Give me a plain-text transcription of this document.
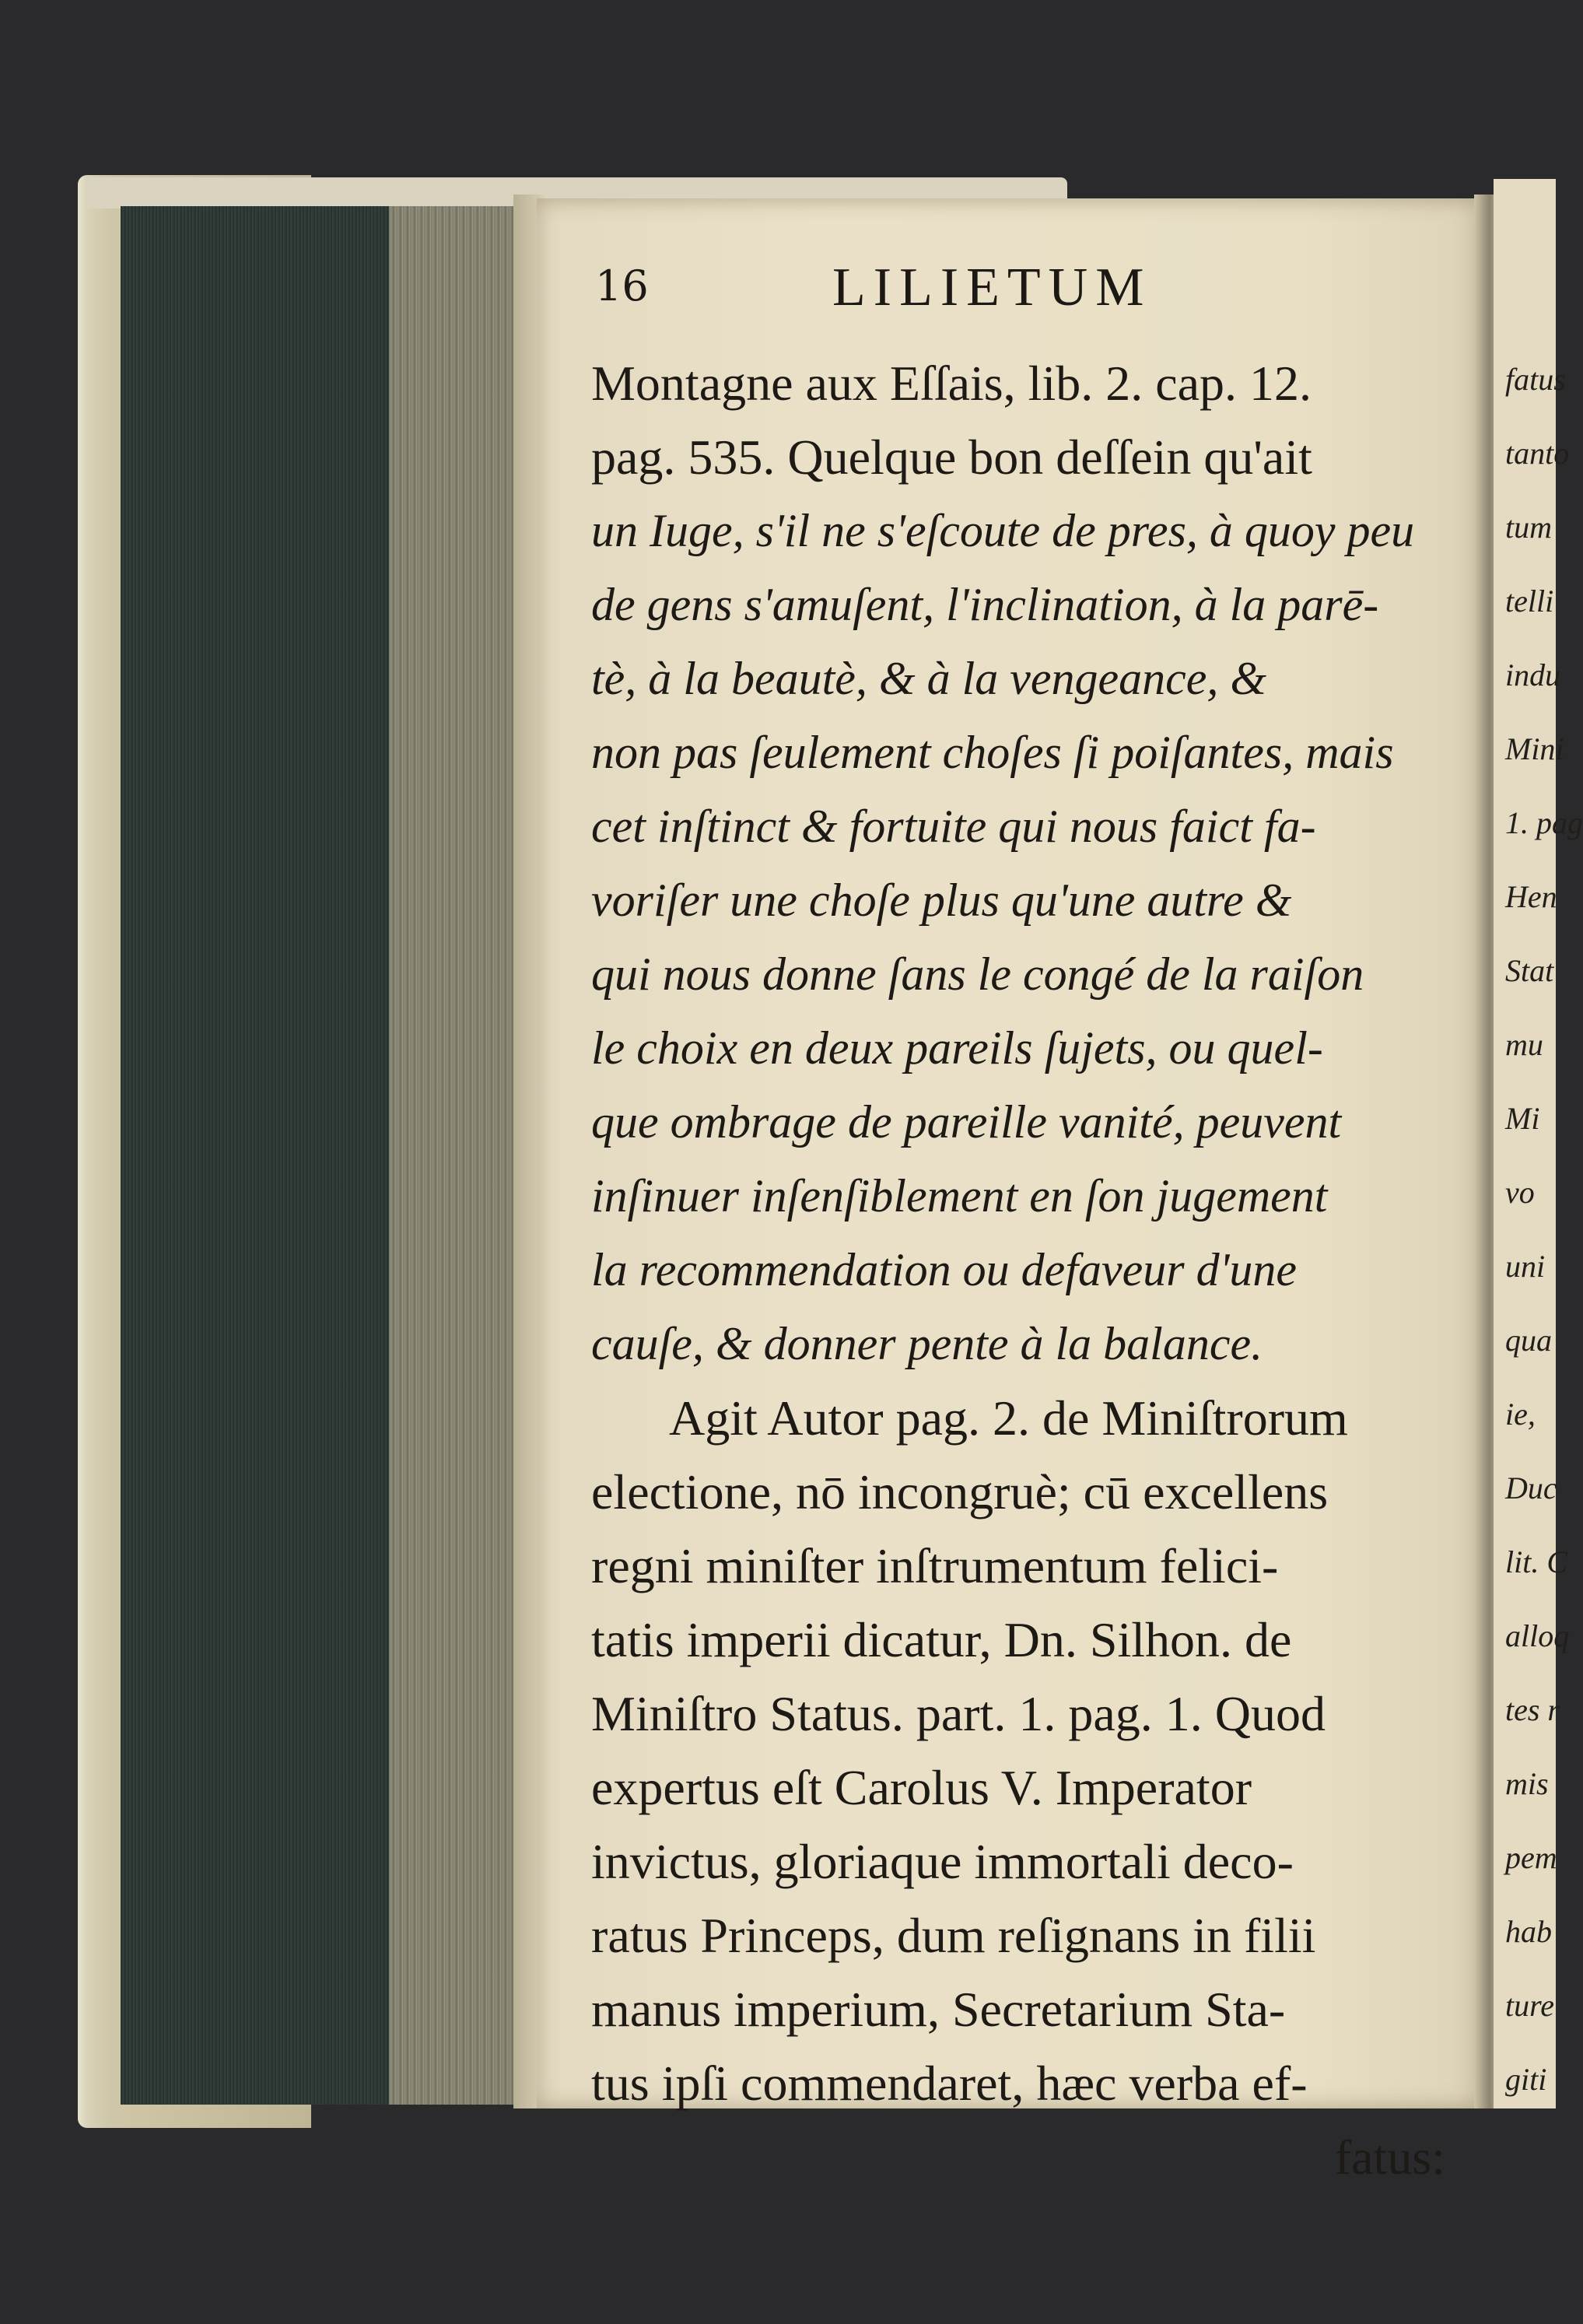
16	LILIETUM
Montagne aux Eſſais, lib. 2. cap. 12.
pag. 535. Quelque bon deſſein qu'ait
un Iuge, s'il ne s'eſcoute de pres, à quoy peu
de gens s'amuſent, l'inclination, à la parē-
tè, à la beautè, & à la vengeance, &
non pas ſeulement choſes ſi poiſantes, mais
cet inſtinct & fortuite qui nous faict fa-
voriſer une choſe plus qu'une autre &
qui nous donne ſans le congé de la raiſon
le choix en deux pareils ſujets, ou quel-
que ombrage de pareille vanité, peuvent
inſinuer inſenſiblement en ſon jugement
la recommendation ou defaveur d'une
cauſe, & donner pente à la balance.
Agit Autor pag. 2. de Miniſtrorum
electione, nō incongruè; cū excellens
regni miniſter inſtrumentum felici-
tatis imperii dicatur, Dn. Silhon. de
Miniſtro Status. part. 1. pag. 1. Quod
expertus eſt Carolus V. Imperator
invictus, gloriaque immortali deco-
ratus Princeps, dum reſignans in filii
manus imperium, Secretarium Sta-
tus ipſi commendaret, hæc verba ef-
fatus:
fatus
tanto
tum
telli
indu
Mini
1. pag
Hen
Stat
mu
Mi
vo
uni
qua
ie,
Duc
lit. C
alloq
tes r
mis
pem
hab
ture
giti
